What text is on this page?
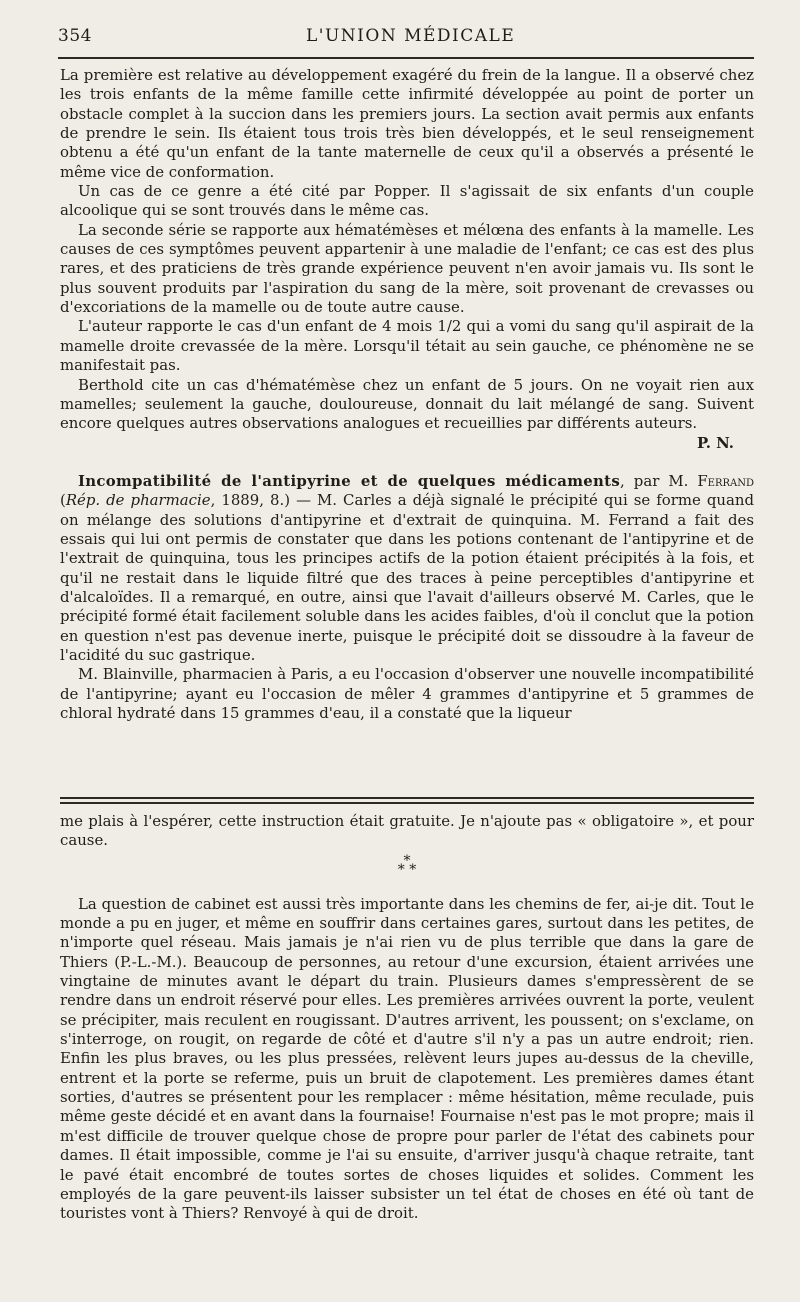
354	L'UNION MÉDICALE

La première est relative au développement exagéré du frein de la langue. Il a observé chez les trois enfants de la même famille cette infirmité développée au point de porter un obstacle complet à la succion dans les premiers jours. La section avait permis aux enfants de prendre le sein. Ils étaient tous trois très bien développés, et le seul renseignement obtenu a été qu'un enfant de la tante maternelle de ceux qu'il a observés a présenté le même vice de conformation.

Un cas de ce genre a été cité par Popper. Il s'agissait de six enfants d'un couple alcoolique qui se sont trouvés dans le même cas.

La seconde série se rapporte aux hématémèses et mélœna des enfants à la mamelle. Les causes de ces symptômes peuvent appartenir à une maladie de l'enfant; ce cas est des plus rares, et des praticiens de très grande expérience peuvent n'en avoir jamais vu. Ils sont le plus souvent produits par l'aspiration du sang de la mère, soit provenant de crevasses ou d'excoriations de la mamelle ou de toute autre cause.

L'auteur rapporte le cas d'un enfant de 4 mois 1/2 qui a vomi du sang qu'il aspirait de la mamelle droite crevassée de la mère. Lorsqu'il tétait au sein gauche, ce phénomène ne se manifestait pas.

Berthold cite un cas d'hématémèse chez un enfant de 5 jours. On ne voyait rien aux mamelles; seulement la gauche, douloureuse, donnait du lait mélangé de sang. Suivent encore quelques autres observations analogues et recueillies par différents auteurs.

P. N.

Incompatibilité de l'antipyrine et de quelques médicaments, par M. Ferrand (Rép. de pharmacie, 1889, 8.) — M. Carles a déjà signalé le précipité qui se forme quand on mélange des solutions d'antipyrine et d'extrait de quinquina. M. Ferrand a fait des essais qui lui ont permis de constater que dans les potions contenant de l'antipyrine et de l'extrait de quinquina, tous les principes actifs de la potion étaient précipités à la fois, et qu'il ne restait dans le liquide filtré que des traces à peine perceptibles d'antipyrine et d'alcaloïdes. Il a remarqué, en outre, ainsi que l'avait d'ailleurs observé M. Carles, que le précipité formé était facilement soluble dans les acides faibles, d'où il conclut que la potion en question n'est pas devenue inerte, puisque le précipité doit se dissoudre à la faveur de l'acidité du suc gastrique.

M. Blainville, pharmacien à Paris, a eu l'occasion d'observer une nouvelle incompatibilité de l'antipyrine; ayant eu l'occasion de mêler 4 grammes d'antipyrine et 5 grammes de chloral hydraté dans 15 grammes d'eau, il a constaté que la liqueur

me plais à l'espérer, cette instruction était gratuite. Je n'ajoute pas « obligatoire », et pour cause.

*
* *

La question de cabinet est aussi très importante dans les chemins de fer, ai-je dit. Tout le monde a pu en juger, et même en souffrir dans certaines gares, surtout dans les petites, de n'importe quel réseau. Mais jamais je n'ai rien vu de plus terrible que dans la gare de Thiers (P.-L.-M.). Beaucoup de personnes, au retour d'une excursion, étaient arrivées une vingtaine de minutes avant le départ du train. Plusieurs dames s'empressèrent de se rendre dans un endroit réservé pour elles. Les premières arrivées ouvrent la porte, veulent se précipiter, mais reculent en rougissant. D'autres arrivent, les poussent; on s'exclame, on s'interroge, on rougit, on regarde de côté et d'autre s'il n'y a pas un autre endroit; rien. Enfin les plus braves, ou les plus pressées, relèvent leurs jupes au-dessus de la cheville, entrent et la porte se referme, puis un bruit de clapotement. Les premières dames étant sorties, d'autres se présentent pour les remplacer : même hésitation, même reculade, puis même geste décidé et en avant dans la fournaise! Fournaise n'est pas le mot propre; mais il m'est difficile de trouver quelque chose de propre pour parler de l'état des cabinets pour dames. Il était impossible, comme je l'ai su ensuite, d'arriver jusqu'à chaque retraite, tant le pavé était encombré de toutes sortes de choses liquides et solides. Comment les employés de la gare peuvent-ils laisser subsister un tel état de choses en été où tant de touristes vont à Thiers? Renvoyé à qui de droit.
